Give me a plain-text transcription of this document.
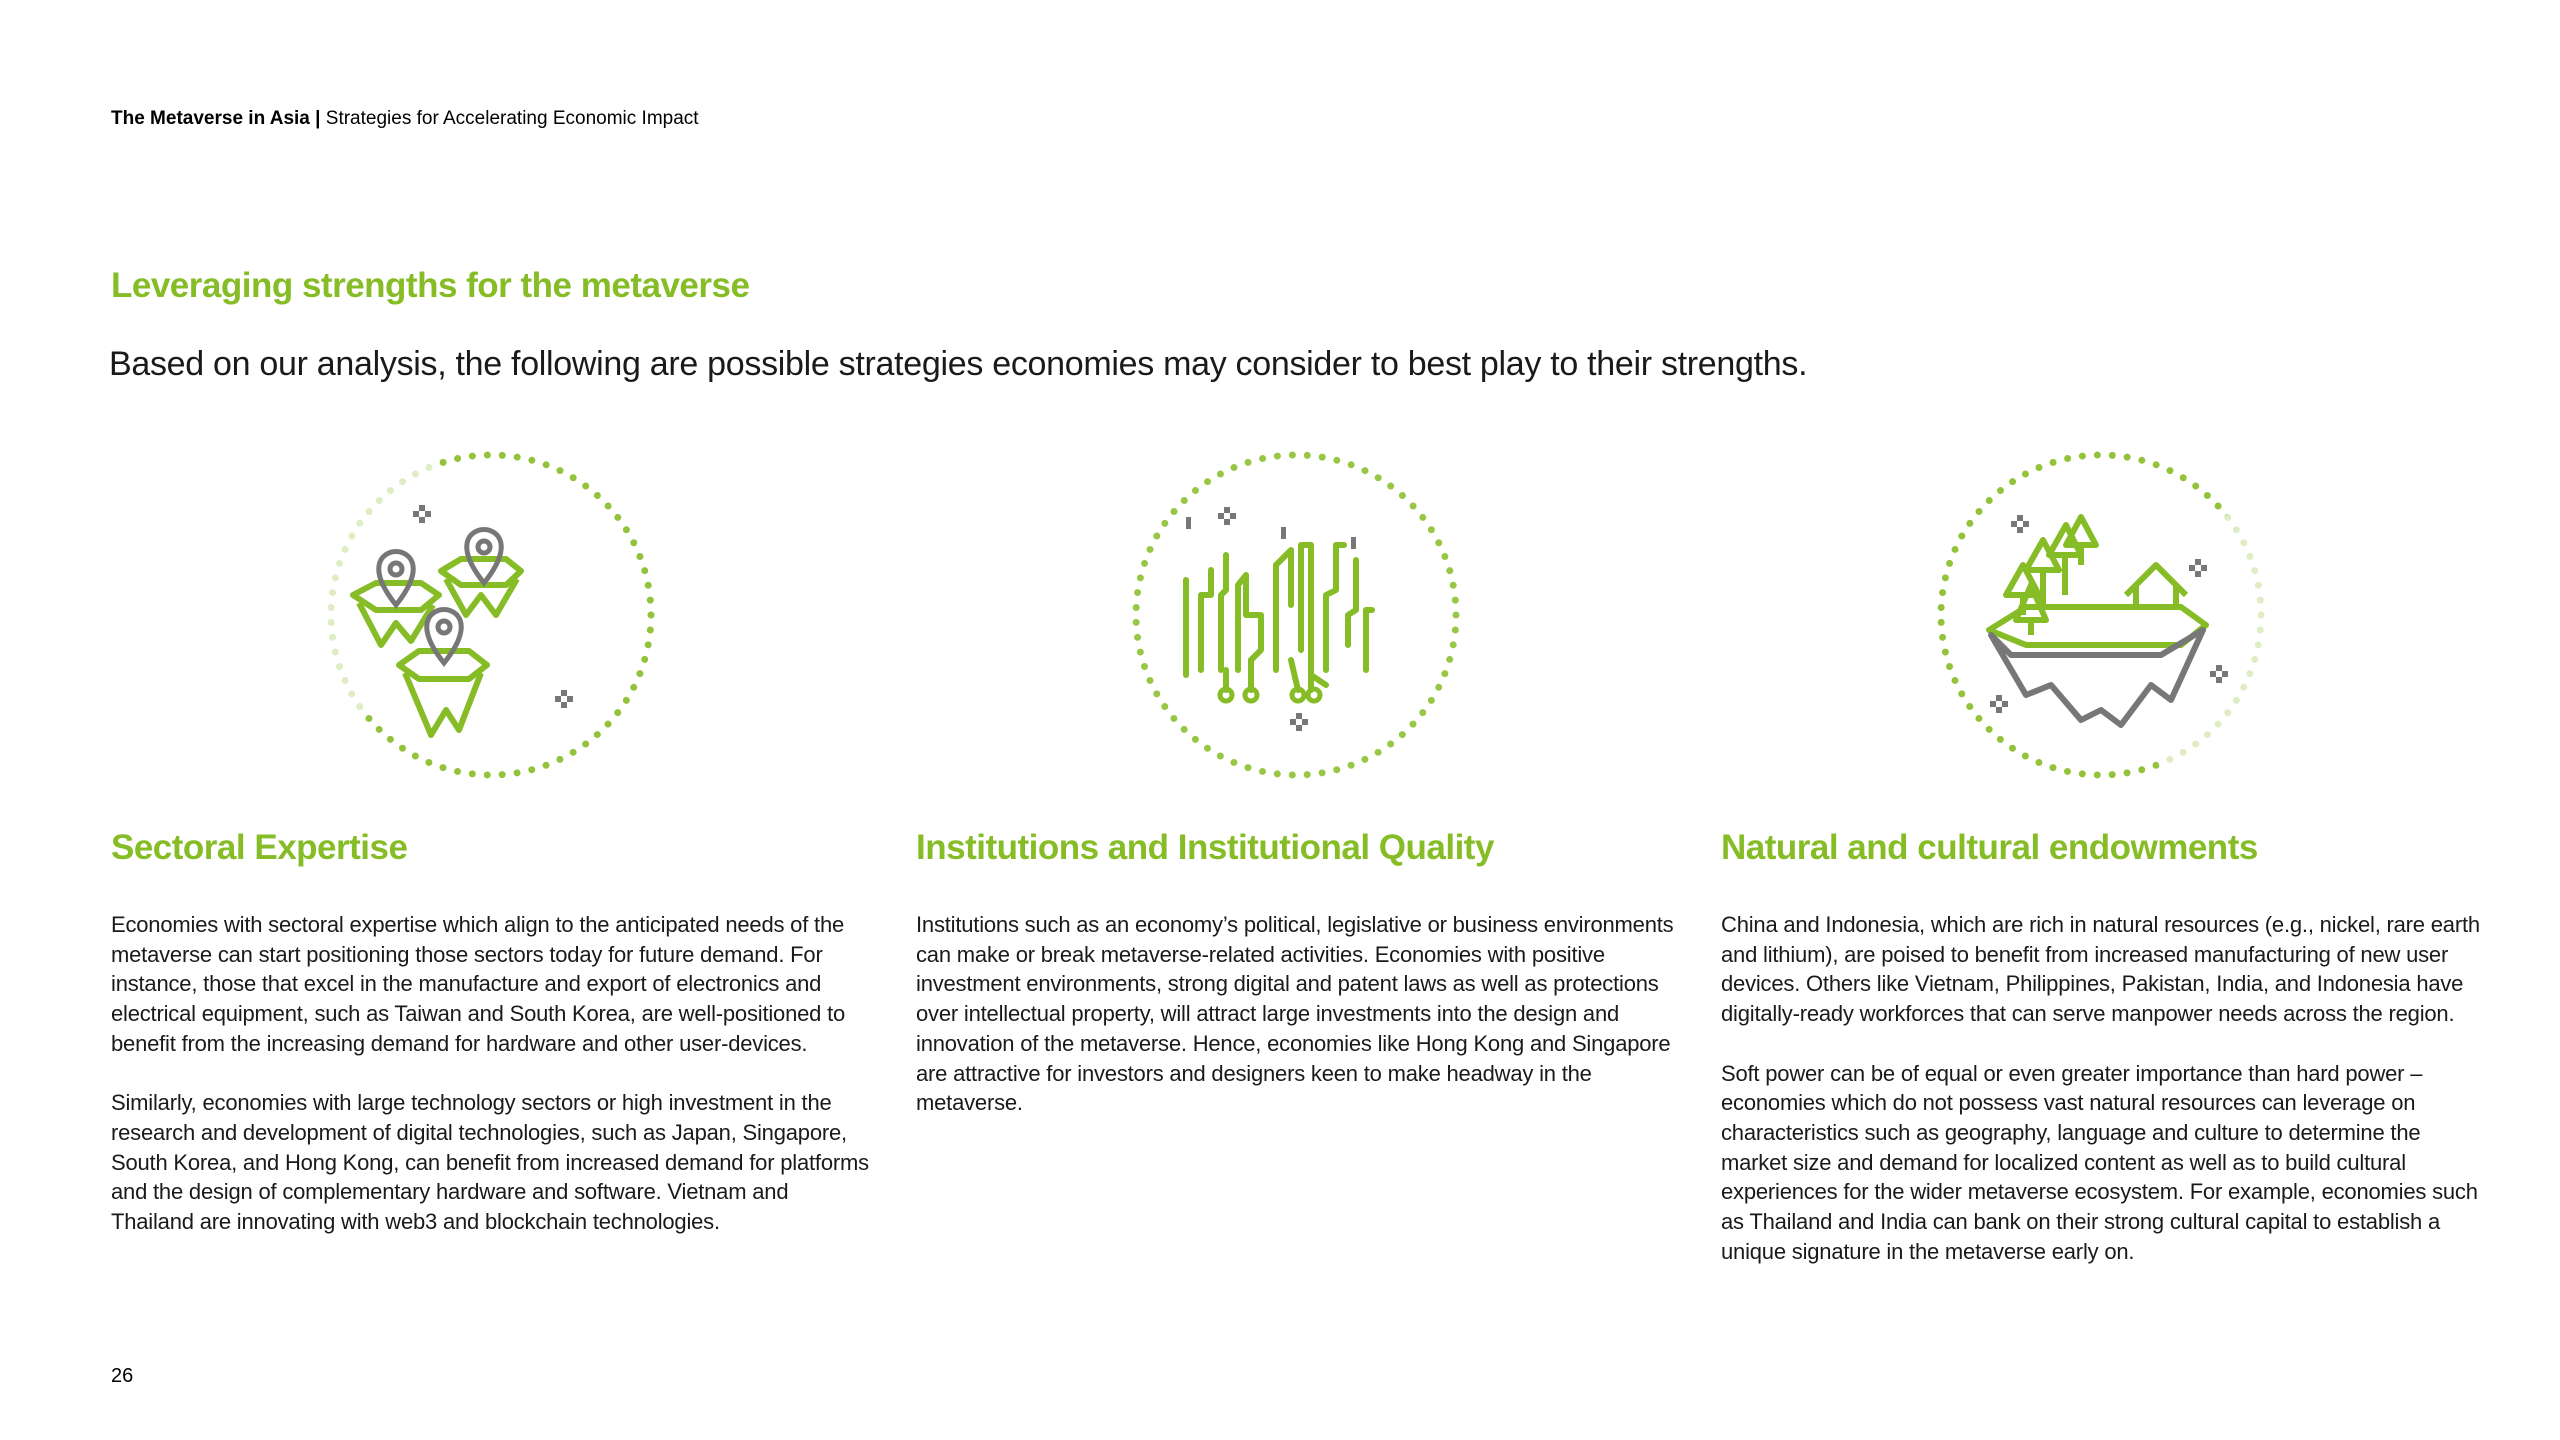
The Metaverse in Asia | Strategies for Accelerating Economic Impact
Leveraging strengths for the metaverse
Based on our analysis, the following are possible strategies economies may consider to best play to their strengths.
Sectoral Expertise

Economies with sectoral expertise which align to the anticipated needs of the metaverse can start positioning those sectors today for future demand. For instance, those that excel in the manufacture and export of electronics and electrical equipment, such as Taiwan and South Korea, are well-positioned to benefit from the increasing demand for hardware and other user-devices.

Similarly, economies with large technology sectors or high investment in the research and development of digital technologies, such as Japan, Singapore, South Korea, and Hong Kong, can benefit from increased demand for platforms and the design of complementary hardware and software. Vietnam and Thailand are innovating with web3 and blockchain technologies.

Institutions and Institutional Quality

Institutions such as an economy’s political, legislative or business environments can make or break metaverse-related activities. Economies with positive investment environments, strong digital and patent laws as well as protections over intellectual property, will attract large investments into the design and innovation of the metaverse. Hence, economies like Hong Kong and Singapore are attractive for investors and designers keen to make headway in the metaverse.

Natural and cultural endowments

China and Indonesia, which are rich in natural resources (e.g., nickel, rare earth and lithium), are poised to benefit from increased manufacturing of new user devices. Others like Vietnam, Philippines, Pakistan, India, and Indonesia have digitally-ready workforces that can serve manpower needs across the region.

Soft power can be of equal or even greater importance than hard power – economies which do not possess vast natural resources can leverage on characteristics such as geography, language and culture to determine the market size and demand for localized content as well as to build cultural experiences for the wider metaverse ecosystem. For example, economies such as Thailand and India can bank on their strong cultural capital to establish a unique signature in the metaverse early on.

26
